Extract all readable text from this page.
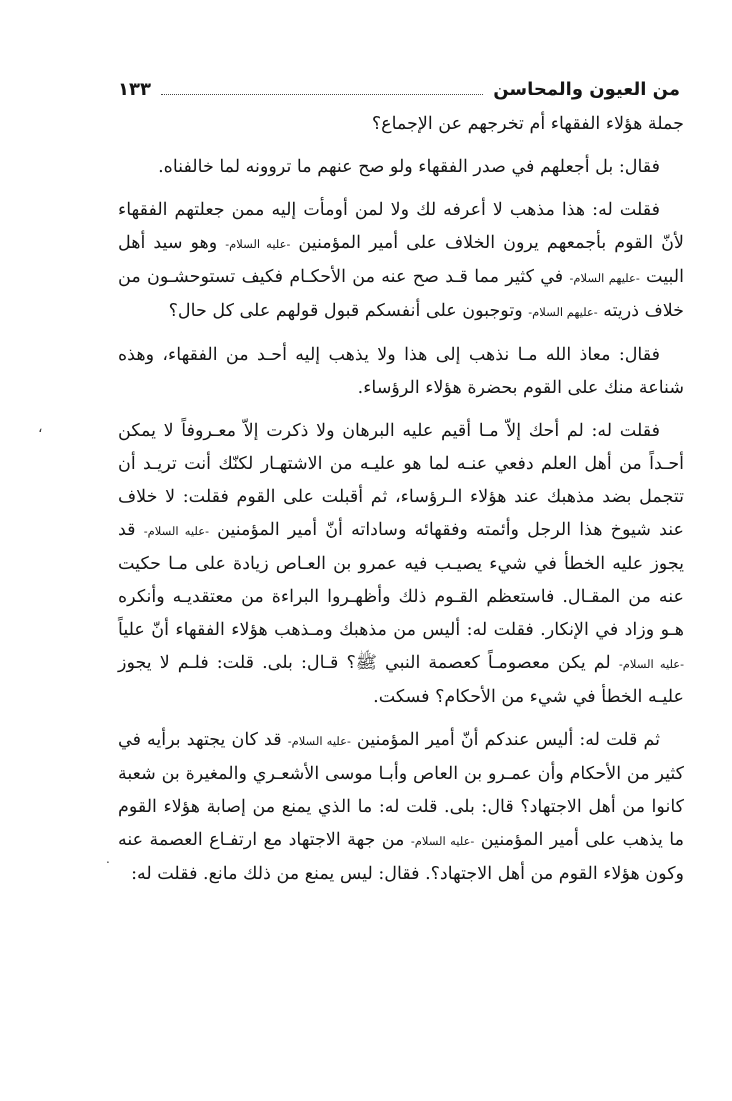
من العيون والمحاسن
١٣٣

جملة هؤلاء الفقهاء أم تخرجهم عن الإجماع؟

فقال: بل أجعلهم في صدر الفقهاء ولو صح عنهم ما تروونه لما خالفناه.

فقلت له: هذا مذهب لا أعرفه لك ولا لمن أومأت إليه ممن جعلتهم الفقهاء لأنّ القوم بأجمعهم يرون الخلاف على أمير المؤمنين -عليه السلام- وهو سيد أهل البيت -عليهم السلام- في كثير مما قـد صح عنه من الأحكـام فكيف تستوحشـون من خلاف ذريته -عليهم السلام- وتوجبون على أنفسكم قبول قولهم على كل حال؟

فقال: معاذ الله مـا نذهب إلى هذا ولا يذهب إليه أحـد من الفقهاء، وهذه شناعة منك على القوم بحضرة هؤلاء الرؤساء.

فقلت له: لم أحك إلاّ مـا أقيم عليه البرهان ولا ذكرت إلاّ معـروفاً لا يمكن أحـداً من أهل العلم دفعي عنـه لما هو عليـه من الاشتهـار لكنّك أنت تريـد أن تتجمل بضد مذهبك عند هؤلاء الـرؤساء، ثم أقبلت على القوم فقلت: لا خلاف عند شيوخ هذا الرجل وأئمته وفقهائه وساداته أنّ أمير المؤمنين -عليه السلام- قد يجوز عليه الخطأ في شيء يصيـب فيه عمرو بن العـاص زيادة على مـا حكيت عنه من المقـال. فاستعظم القـوم ذلك وأظهـروا البراءة من معتقديـه وأنكره هـو وزاد في الإنكار. فقلت له: أليس من مذهبك ومـذهب هؤلاء الفقهاء أنّ علياً -عليه السلام- لم يكن معصومـاً كعصمة النبي ﷺ؟ قـال: بلى. قلت: فلـم لا يجوز عليـه الخطأ في شيء من الأحكام؟ فسكت.

ثم قلت له: أليس عندكم أنّ أمير المؤمنين -عليه السلام- قد كان يجتهد برأيه في كثير من الأحكام وأن عمـرو بن العاص وأبـا موسى الأشعـري والمغيرة بن شعبة كانوا من أهل الاجتهاد؟ قال: بلى. قلت له: ما الذي يمنع من إصابة هؤلاء القوم ما يذهب على أمير المؤمنين -عليه السلام- من جهة الاجتهاد مع ارتفـاع العصمة عنه وكون هؤلاء القوم من أهل الاجتهاد؟. فقال: ليس يمنع من ذلك مانع. فقلت له:

،
.
